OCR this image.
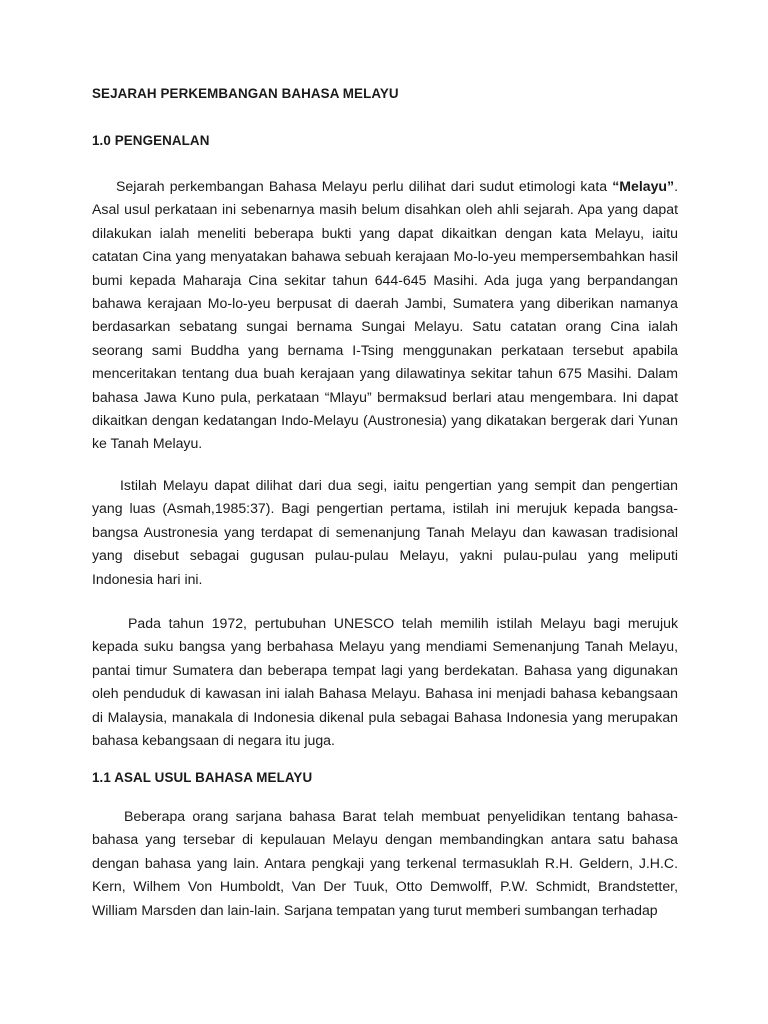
SEJARAH PERKEMBANGAN BAHASA MELAYU
1.0 PENGENALAN

Sejarah perkembangan Bahasa Melayu perlu dilihat dari sudut etimologi kata “Melayu”. Asal usul perkataan ini sebenarnya masih belum disahkan oleh ahli sejarah. Apa yang dapat dilakukan ialah meneliti beberapa bukti yang dapat dikaitkan dengan kata Melayu, iaitu catatan Cina yang menyatakan bahawa sebuah kerajaan Mo-lo-yeu mempersembahkan hasil bumi kepada Maharaja Cina sekitar tahun 644-645 Masihi. Ada juga yang berpandangan bahawa kerajaan Mo-lo-yeu berpusat di daerah Jambi, Sumatera yang diberikan namanya berdasarkan sebatang sungai bernama Sungai Melayu. Satu catatan orang Cina ialah seorang sami Buddha yang bernama I-Tsing menggunakan perkataan tersebut apabila menceritakan tentang dua buah kerajaan yang dilawatinya sekitar tahun 675 Masihi. Dalam bahasa Jawa Kuno pula, perkataan “Mlayu” bermaksud berlari atau mengembara. Ini dapat dikaitkan dengan kedatangan Indo-Melayu (Austronesia) yang dikatakan bergerak dari Yunan ke Tanah Melayu.

Istilah Melayu dapat dilihat dari dua segi, iaitu pengertian yang sempit dan pengertian yang luas (Asmah,1985:37). Bagi pengertian pertama, istilah ini merujuk kepada bangsa-bangsa Austronesia yang terdapat di semenanjung Tanah Melayu dan kawasan tradisional yang disebut sebagai gugusan pulau-pulau Melayu, yakni pulau-pulau yang meliputi Indonesia hari ini.

Pada tahun 1972, pertubuhan UNESCO telah memilih istilah Melayu bagi merujuk kepada suku bangsa yang berbahasa Melayu yang mendiami Semenanjung Tanah Melayu, pantai timur Sumatera dan beberapa tempat lagi yang berdekatan. Bahasa yang digunakan oleh penduduk di kawasan ini ialah Bahasa Melayu. Bahasa ini menjadi bahasa kebangsaan di Malaysia, manakala di Indonesia dikenal pula sebagai Bahasa Indonesia yang merupakan bahasa kebangsaan di negara itu juga.

1.1 ASAL USUL BAHASA MELAYU

Beberapa orang sarjana bahasa Barat telah membuat penyelidikan tentang bahasa-bahasa yang tersebar di kepulauan Melayu dengan membandingkan antara satu bahasa dengan bahasa yang lain. Antara pengkaji yang terkenal termasuklah R.H. Geldern, J.H.C. Kern, Wilhem Von Humboldt, Van Der Tuuk, Otto Demwolff, P.W. Schmidt, Brandstetter, William Marsden dan lain-lain. Sarjana tempatan yang turut memberi sumbangan terhadap
